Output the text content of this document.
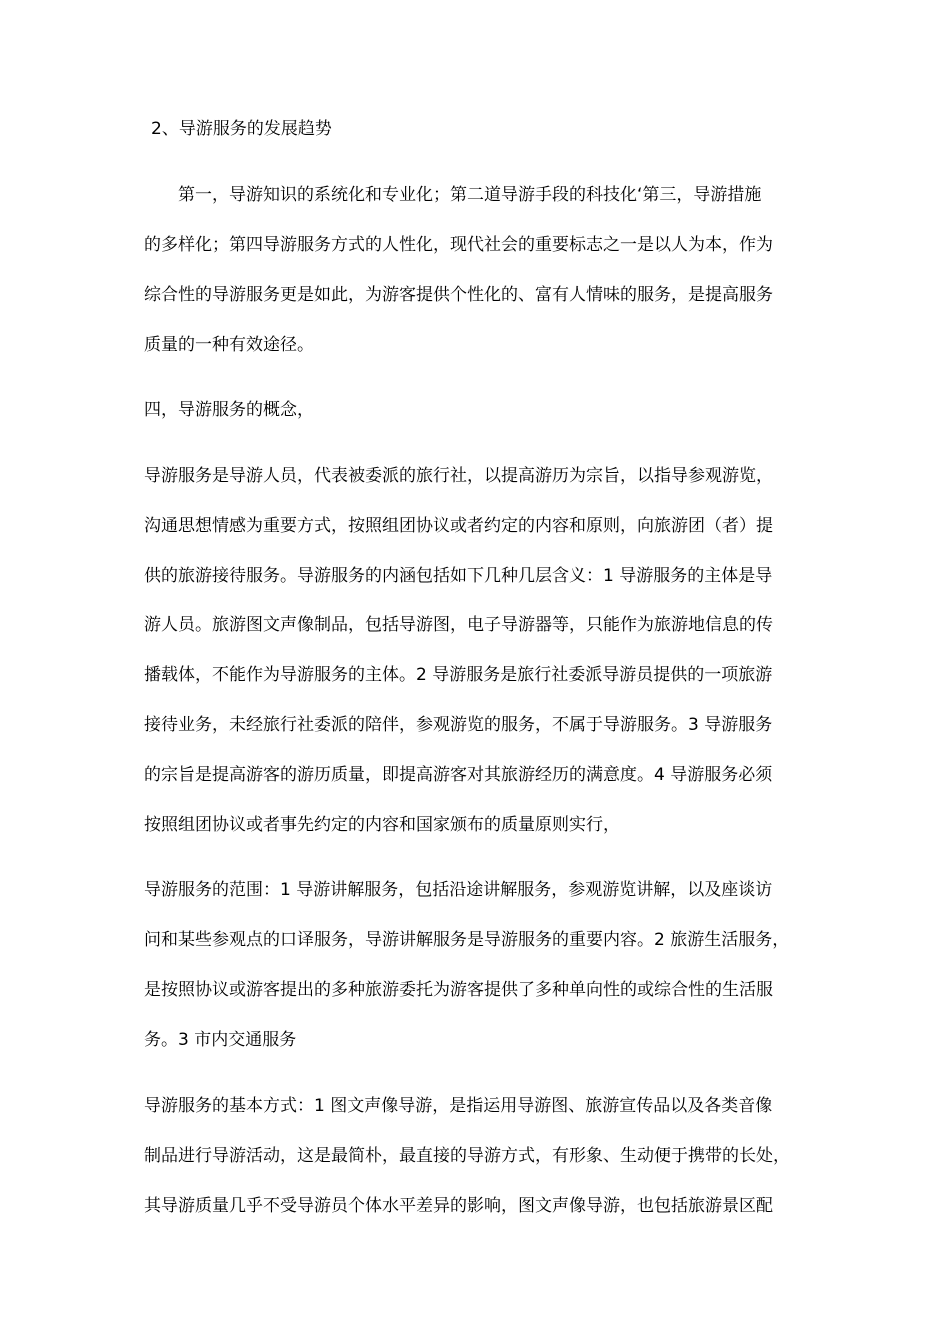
2、导游服务的发展趋势
第一，导游知识的系统化和专业化；第二道导游手段的科技化‘第三，导游措施
的多样化；第四导游服务方式的人性化，现代社会的重要标志之一是以人为本，作为
综合性的导游服务更是如此，为游客提供个性化的、富有人情味的服务，是提高服务
质量的一种有效途径。
四，导游服务的概念，
导游服务是导游人员，代表被委派的旅行社，以提高游历为宗旨，以指导参观游览，
沟通思想情感为重要方式，按照组团协议或者约定的内容和原则，向旅游团（者）提
供的旅游接待服务。导游服务的内涵包括如下几种几层含义：1 导游服务的主体是导
游人员。旅游图文声像制品，包括导游图，电子导游器等，只能作为旅游地信息的传
播载体，不能作为导游服务的主体。2 导游服务是旅行社委派导游员提供的一项旅游
接待业务，未经旅行社委派的陪伴，参观游览的服务，不属于导游服务。3 导游服务
的宗旨是提高游客的游历质量，即提高游客对其旅游经历的满意度。4 导游服务必须
按照组团协议或者事先约定的内容和国家颁布的质量原则实行，
导游服务的范围：1 导游讲解服务，包括沿途讲解服务，参观游览讲解，以及座谈访
问和某些参观点的口译服务，导游讲解服务是导游服务的重要内容。2 旅游生活服务，
是按照协议或游客提出的多种旅游委托为游客提供了多种单向性的或综合性的生活服
务。3 市内交通服务
导游服务的基本方式：1 图文声像导游，是指运用导游图、旅游宣传品以及各类音像
制品进行导游活动，这是最简朴，最直接的导游方式，有形象、生动便于携带的长处，
其导游质量几乎不受导游员个体水平差异的影响，图文声像导游，也包括旅游景区配
